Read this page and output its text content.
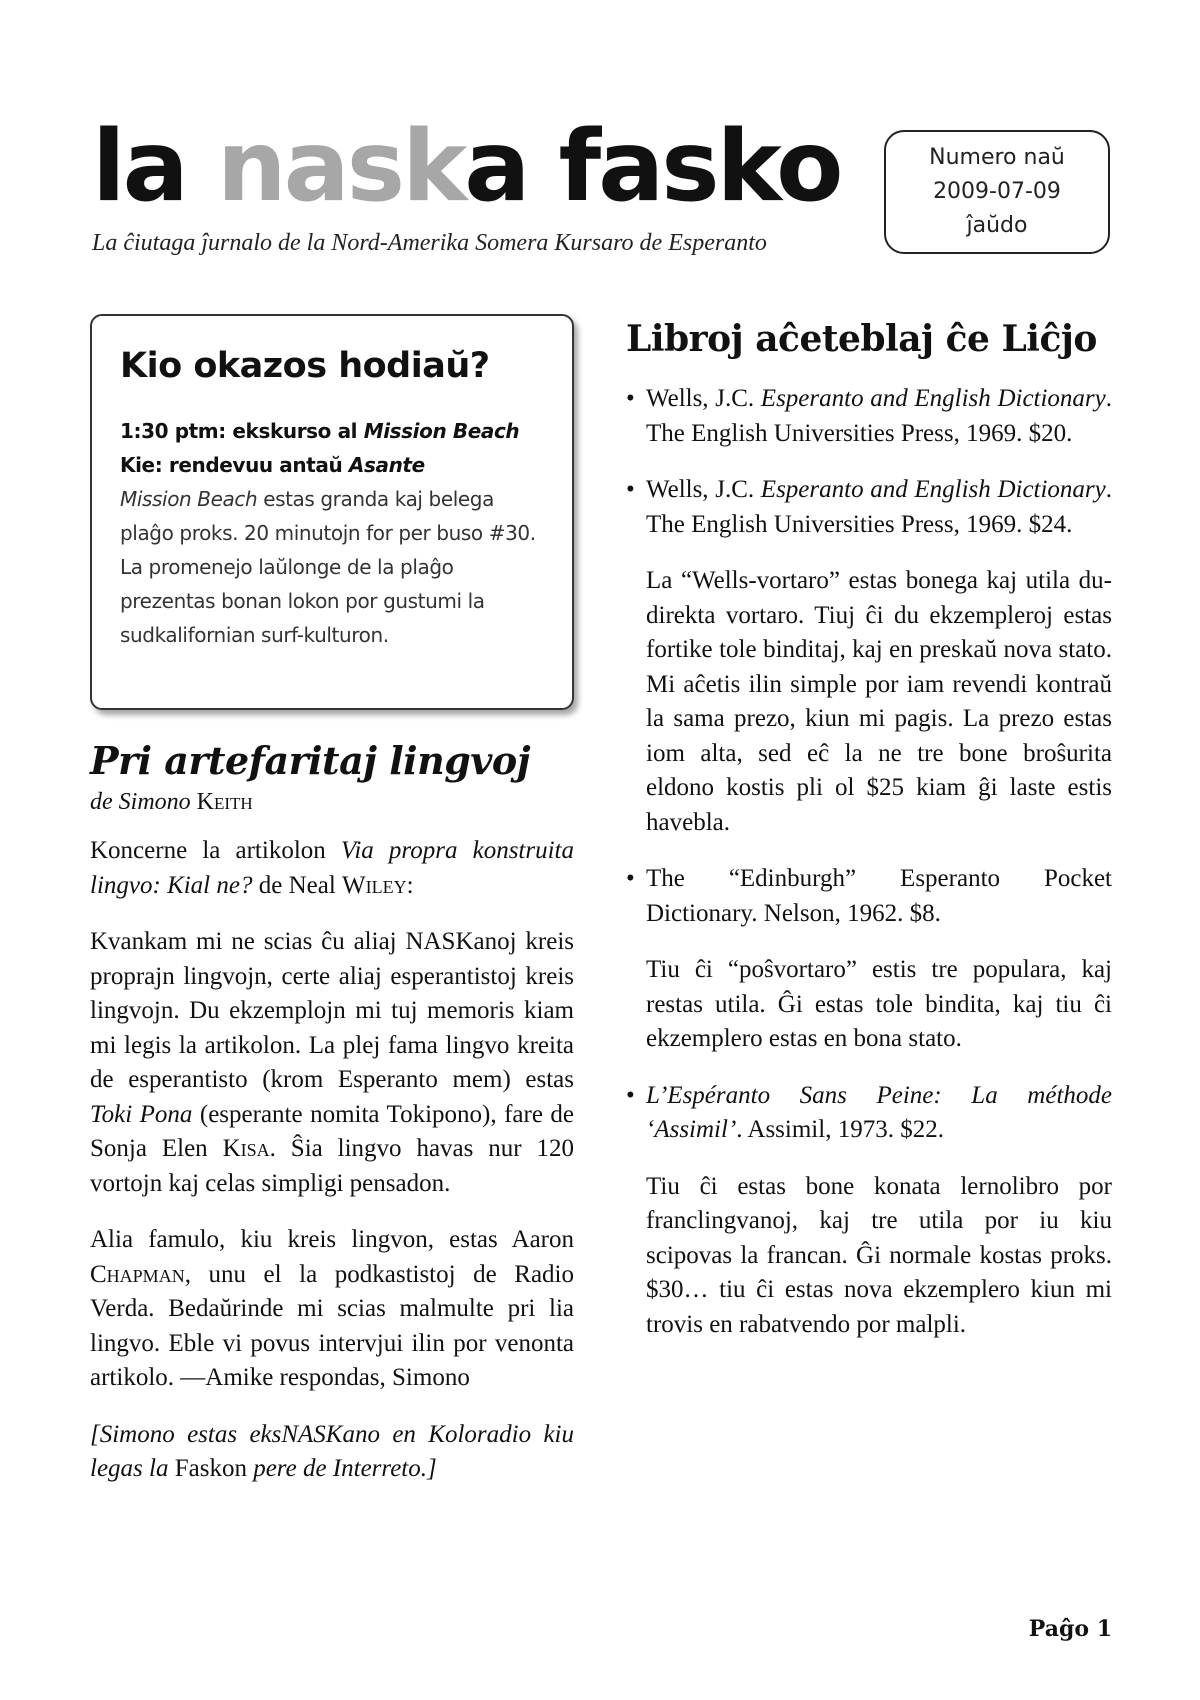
la naska fasko
La ĉiutaga ĵurnalo de la Nord-Amerika Somera Kursaro de Esperanto
Numero naŭ
2009-07-09
ĵaŭdo
Kio okazos hodiaŭ?
1:30 ptm: ekskurso al Mission Beach
Kie: rendevuu antaŭ Asante
Mission Beach estas granda kaj belega plaĝo proks. 20 minutojn for per buso #30. La promenejo laŭlonge de la plaĝo prezentas bonan lokon por gustumi la sudkalifornian surf-kulturon.
Pri artefaritaj lingvoj
de Simono Keith

Koncerne la artikolon Via propra konstruita lingvo: Kial ne? de Neal Wiley:

Kvankam mi ne scias ĉu aliaj NASKanoj kreis proprajn lingvojn, certe aliaj esperantistoj kreis lingvojn. Du ekzemplojn mi tuj memoris kiam mi legis la artikolon. La plej fama lingvo kreita de esperantisto (krom Esperanto mem) estas Toki Pona (esperante nomita Tokipono), fare de Sonja Elen Kisa. Ŝia lingvo havas nur 120 vortojn kaj celas simpligi pensadon.

Alia famulo, kiu kreis lingvon, estas Aaron Chapman, unu el la podkastistoj de Radio Verda. Bedaŭrinde mi scias malmulte pri lia lingvo. Eble vi povus intervjui ilin por venonta artikolo. —Amike respondas, Simono

[Simono estas eksNASKano en Koloradio kiu legas la Faskon pere de Interreto.]

Libroj aĉeteblaj ĉe Liĉjo
• Wells, J.C. Esperanto and English Dictionary. The English Universities Press, 1969. $20.
• Wells, J.C. Esperanto and English Dictionary. The English Universities Press, 1969. $24.

La “Wells-vortaro” estas bonega kaj utila du-direkta vortaro. Tiuj ĉi du ekzempleroj estas fortike tole binditaj, kaj en preskaŭ nova stato. Mi aĉetis ilin simple por iam revendi kontraŭ la sama prezo, kiun mi pagis. La prezo estas iom alta, sed eĉ la ne tre bone broŝurita eldono kostis pli ol $25 kiam ĝi laste estis havebla.

• The “Edinburgh” Esperanto Pocket Dictionary. Nelson, 1962. $8.

Tiu ĉi “poŝvortaro” estis tre populara, kaj restas utila. Ĝi estas tole bindita, kaj tiu ĉi ekzemplero estas en bona stato.

• L’Espéranto Sans Peine: La méthode ‘Assimil’. Assimil, 1973. $22.

Tiu ĉi estas bone konata lernolibro por franclingvanoj, kaj tre utila por iu kiu scipovas la francan. Ĝi normale kostas proks. $30… tiu ĉi estas nova ekzemplero kiun mi trovis en rabatvendo por malpli.

Paĝo 1
